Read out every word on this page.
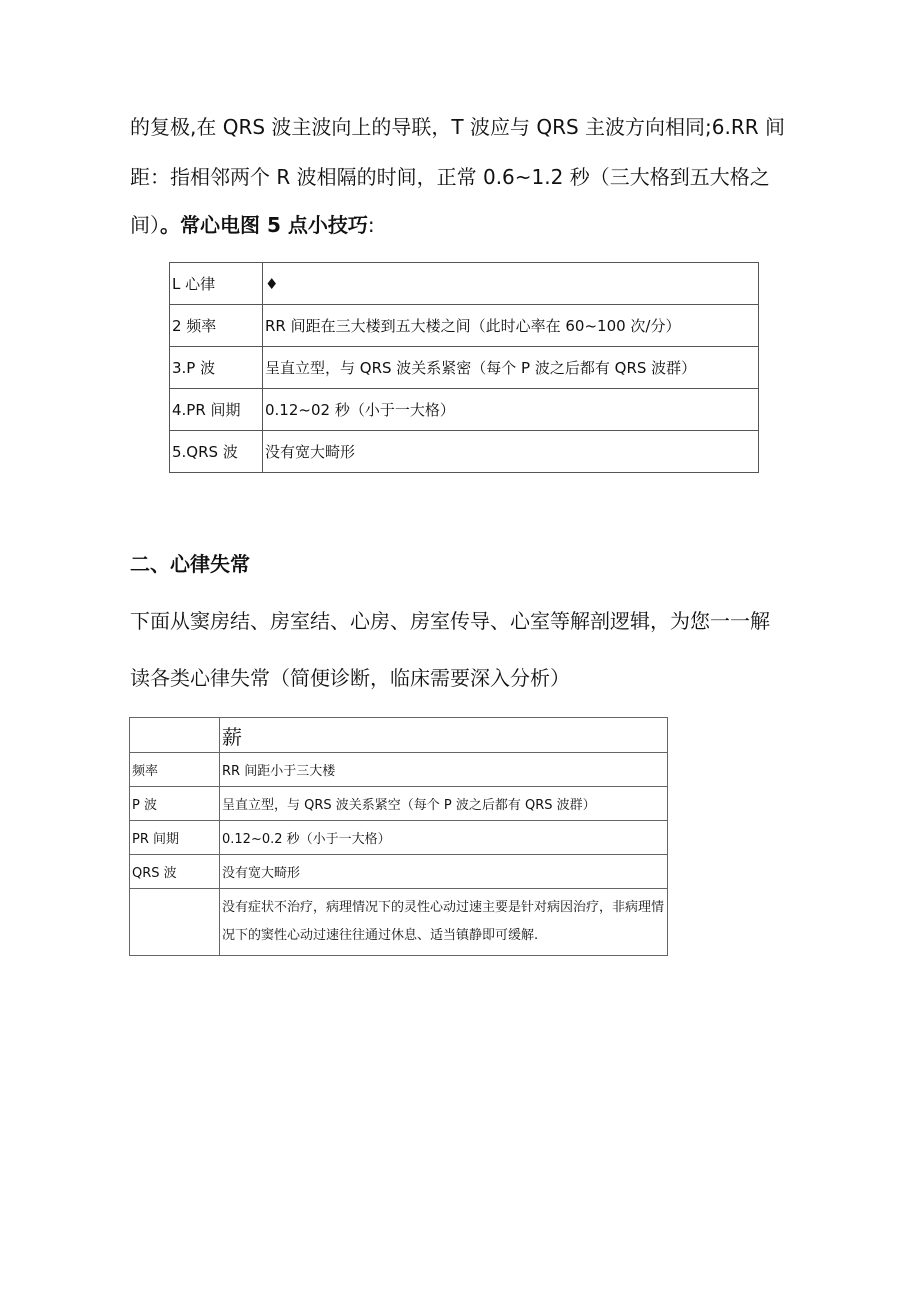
的复极,在 QRS 波主波向上的导联，T 波应与 QRS 主波方向相同;6.RR 间

距：指相邻两个 R 波相隔的时间，正常 0.6~1.2 秒（三大格到五大格之

间）。常心电图 5 点小技巧:

L 心律	♦
2 频率	RR 间距在三大楼到五大楼之间（此时心率在 60~100 次/分）
3.P 波	呈直立型，与 QRS 波关系紧密（每个 P 波之后都有 QRS 波群）
4.PR 间期	0.12~02 秒（小于一大格）
5.QRS 波	没有宽大畸形
二、心律失常

下面从窦房结、房室结、心房、房室传导、心室等解剖逻辑，为您一一解

读各类心律失常（简便诊断，临床需要深入分析）

	薪
频率	RR 间距小于三大楼
P 波	呈直立型，与 QRS 波关系紧空（每个 P 波之后都有 QRS 波群）
PR 间期	0.12~0.2 秒（小于一大格）
QRS 波	没有宽大畸形

	没有症状不治疗，病理情况下的灵性心动过速主要是针对病因治疗，非病理情况下的窦性心动过速往往通过休息、适当镇静即可缓解.
